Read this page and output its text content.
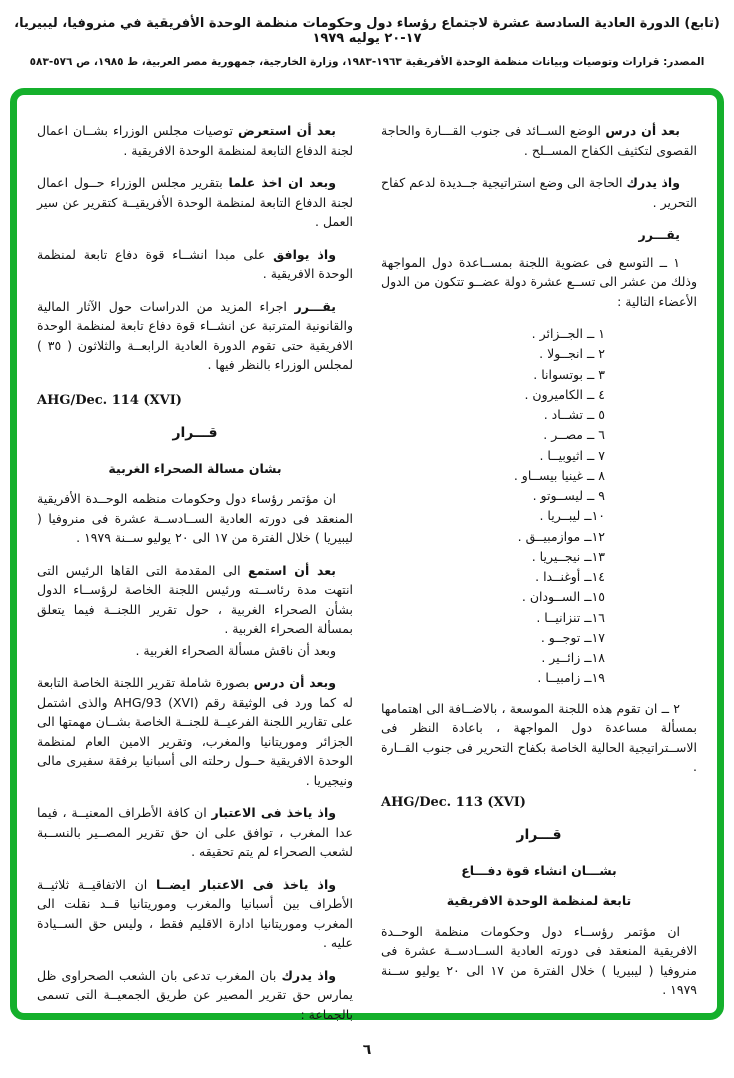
(تابع) الدورة العادية السادسة عشرة لاجتماع رؤساء دول وحكومات منظمة الوحدة الأفريقية في منروفيا، ليبيريا، ١٧-٢٠ يوليه ١٩٧٩
المصدر: قرارات وتوصيات وبيانات منظمة الوحدة الأفريقية ١٩٦٣-١٩٨٣، وزارة الخارجية، جمهورية مصر العربية، ط ١٩٨٥، ص ٥٧٦-٥٨٣

بعد أن درس الوضع الســائد فى جنوب القـــارة والحاجة القصوى لتكثيف الكفاح المســلح .

واذ يدرك الحاجة الى وضع استراتيجية جــديدة لدعم كفاح التحرير .

يقـــرر

١ ــ التوسع فى عضوية اللجنة بمســاعدة دول المواجهة وذلك من عشر الى تســع عشرة دولة عضــو تتكون من الدول الأعضاء التالية :

١ ــ الجــزائر .
٢ ــ انجــولا .
٣ ــ بوتسوانا .
٤ ــ الكاميرون .
٥ ــ تشــاد .
٦ ــ مصــر .
٧ ــ اثيوبيــا .
٨ ــ غينيا بيســاو .
٩ ــ ليســوتو .
١٠ــ ليبــريا .
١٢ــ موازمبيــق .
١٣ــ نيجــيريا .
١٤ــ أوغنــدا .
١٥ــ الســودان .
١٦ــ تنزانيــا .
١٧ــ توجــو .
١٨ــ زائــير .
١٩ــ زامبيــا .

٢ ــ ان تقوم هذه اللجنة الموسعة ، بالاضــافة الى اهتمامها بمسألة مساعدة دول المواجهة ، باعادة النظر فى الاســتراتيجية الحالية الخاصة بكفاح التحرير فى جنوب القــارة .

AHG/Dec. 113 (XVI)
قـــرار
بشـــان انشاء قوة دفـــاع
تابعة لمنظمة الوحدة الافريقية

ان مؤتمر رؤســاء دول وحكومات منظمة الوحــدة الافريقية المنعقد فى دورته العادية الســادســة عشرة فى منروفيا ( ليبيريا ) خلال الفترة من ١٧ الى ٢٠ يوليو ســنة ١٩٧٩ .

بعد أن استعرض توصيات مجلس الوزراء بشــان اعمال لجنة الدفاع التابعة لمنظمة الوحدة الافريقية .

وبعد ان اخذ علما بتقرير مجلس الوزراء حــول اعمال لجنة الدفاع التابعة لمنظمة الوحدة الأفريقيــة كتقرير عن سير العمل .

واذ يوافق على مبدا انشــاء قوة دفاع تابعة لمنظمة الوحدة الافريقية .

يقـــرر اجراء المزيد من الدراسات حول الآثار المالية والقانونية المترتبة عن انشــاء قوة دفاع تابعة لمنظمة الوحدة الافريقية حتى تقوم الدورة العادية الرابعــة والثلاثون ( ٣٥ ) لمجلس الوزراء بالنظر فيها .

AHG/Dec. 114 (XVI)
قـــرار
بشان مسالة الصحراء الغربية

ان مؤتمر رؤساء دول وحكومات منظمه الوحــدة الأفريقية المنعقد فى دورته العادية الســادســة عشرة فى منروفيا ( ليبيريا ) خلال الفترة من ١٧ الى ٢٠ يوليو ســنة ١٩٧٩ .

بعد أن استمع الى المقدمة التى القاها الرئيس التى انتهت مدة رئاســته ورئيس اللجنة الخاصة لرؤســاء الدول بشأن الصحراء الغربية ، حول تقرير اللجنــة فيما يتعلق بمسألة الصحراء الغربية .

وبعد أن ناقش مسألة الصحراء الغربية .

وبعد أن درس بصورة شاملة تقرير اللجنة الخاصة التابعة له كما ورد فى الوثيقة رقم AHG/93 (XVI) والذى اشتمل على تقارير اللجنة الفرعيــة للجنــة الخاصة بشــان مهمتها الى الجزائر وموريتانيا والمغرب، وتقرير الامين العام لمنظمة الوحدة الافريقية حــول رحلته الى أسبانيا برفقة سفيرى مالى ونيجيريا .

واذ ياخذ فى الاعتبار ان كافة الأطراف المعنيــة ، فيما عدا المغرب ، توافق على ان حق تقرير المصــير بالنســبة لشعب الصحراء لم يتم تحقيقه .

واذ ياخذ فى الاعتبار ايضــا ان الاتفاقيــة ثلاثيــة الأطراف بين أسبانيا والمغرب وموريتانيا قــد نقلت الى المغرب وموريتانيا ادارة الاقليم فقط ، وليس حق الســيادة عليه .

واذ يدرك بان المغرب تدعى بان الشعب الصحراوى ظل يمارس حق تقرير المصير عن طريق الجمعيــة التى تسمى بالجماعة :

٦
